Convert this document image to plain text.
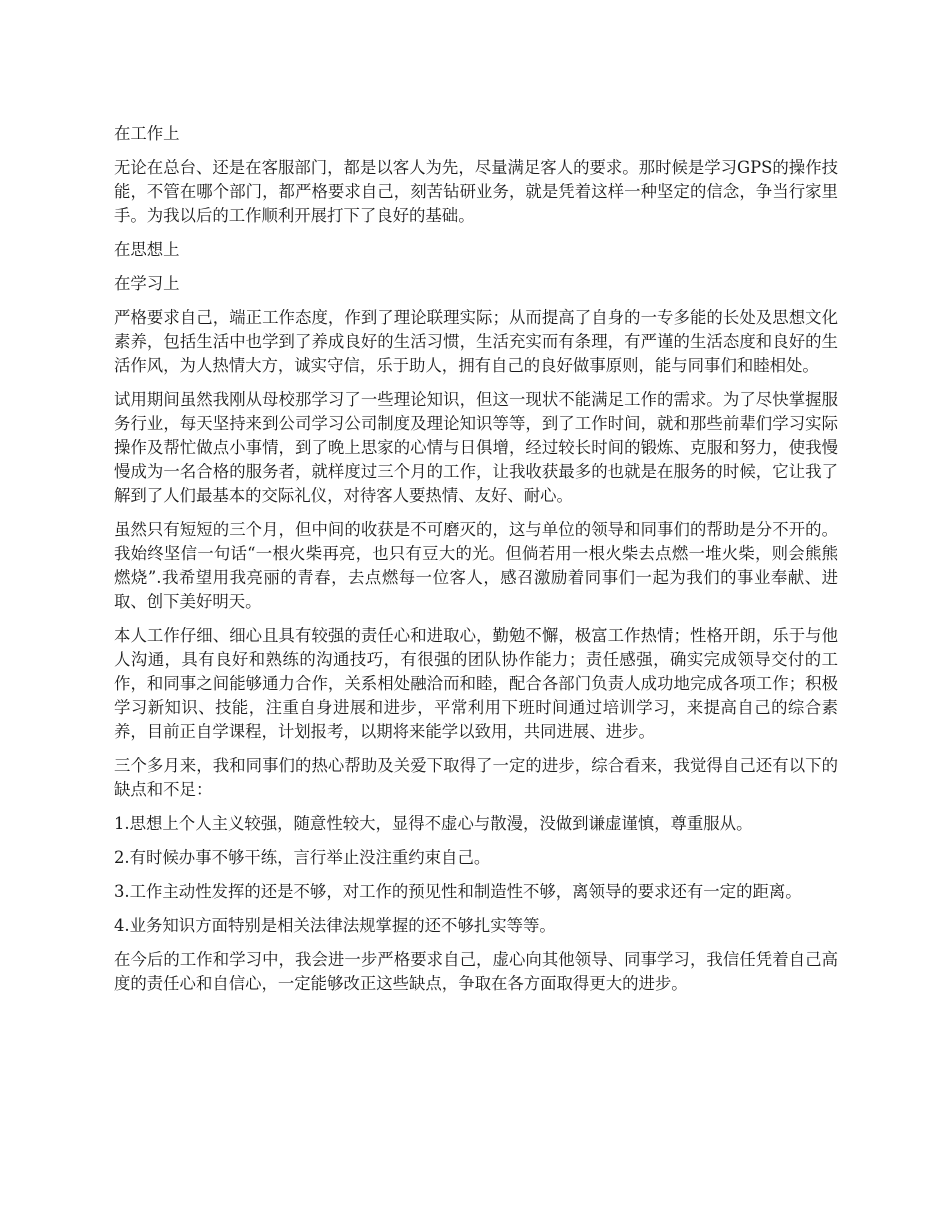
在工作上

无论在总台、还是在客服部门，都是以客人为先，尽量满足客人的要求。那时候是学习GPS的操作技能，不管在哪个部门，都严格要求自己，刻苦钻研业务，就是凭着这样一种坚定的信念，争当行家里手。为我以后的工作顺利开展打下了良好的基础。

在思想上

在学习上

严格要求自己，端正工作态度，作到了理论联理实际；从而提高了自身的一专多能的长处及思想文化素养，包括生活中也学到了养成良好的生活习惯，生活充实而有条理，有严谨的生活态度和良好的生活作风，为人热情大方，诚实守信，乐于助人，拥有自己的良好做事原则，能与同事们和睦相处。

试用期间虽然我刚从母校那学习了一些理论知识，但这一现状不能满足工作的需求。为了尽快掌握服务行业，每天坚持来到公司学习公司制度及理论知识等等，到了工作时间，就和那些前辈们学习实际操作及帮忙做点小事情，到了晚上思家的心情与日俱增，经过较长时间的锻炼、克服和努力，使我慢慢成为一名合格的服务者，就样度过三个月的工作，让我收获最多的也就是在服务的时候，它让我了解到了人们最基本的交际礼仪，对待客人要热情、友好、耐心。

虽然只有短短的三个月，但中间的收获是不可磨灭的，这与单位的领导和同事们的帮助是分不开的。我始终坚信一句话“一根火柴再亮，也只有豆大的光。但倘若用一根火柴去点燃一堆火柴，则会熊熊燃烧”.我希望用我亮丽的青春，去点燃每一位客人，感召激励着同事们一起为我们的事业奉献、进取、创下美好明天。

本人工作仔细、细心且具有较强的责任心和进取心，勤勉不懈，极富工作热情；性格开朗，乐于与他人沟通，具有良好和熟练的沟通技巧，有很强的团队协作能力；责任感强，确实完成领导交付的工作，和同事之间能够通力合作，关系相处融洽而和睦，配合各部门负责人成功地完成各项工作；积极学习新知识、技能，注重自身进展和进步，平常利用下班时间通过培训学习，来提高自己的综合素养，目前正自学课程，计划报考，以期将来能学以致用，共同进展、进步。

三个多月来，我和同事们的热心帮助及关爱下取得了一定的进步，综合看来，我觉得自己还有以下的缺点和不足：

1.思想上个人主义较强，随意性较大，显得不虚心与散漫，没做到谦虚谨慎，尊重服从。

2.有时候办事不够干练，言行举止没注重约束自己。

3.工作主动性发挥的还是不够，对工作的预见性和制造性不够，离领导的要求还有一定的距离。

4.业务知识方面特别是相关法律法规掌握的还不够扎实等等。

在今后的工作和学习中，我会进一步严格要求自己，虚心向其他领导、同事学习，我信任凭着自己高度的责任心和自信心，一定能够改正这些缺点，争取在各方面取得更大的进步。
